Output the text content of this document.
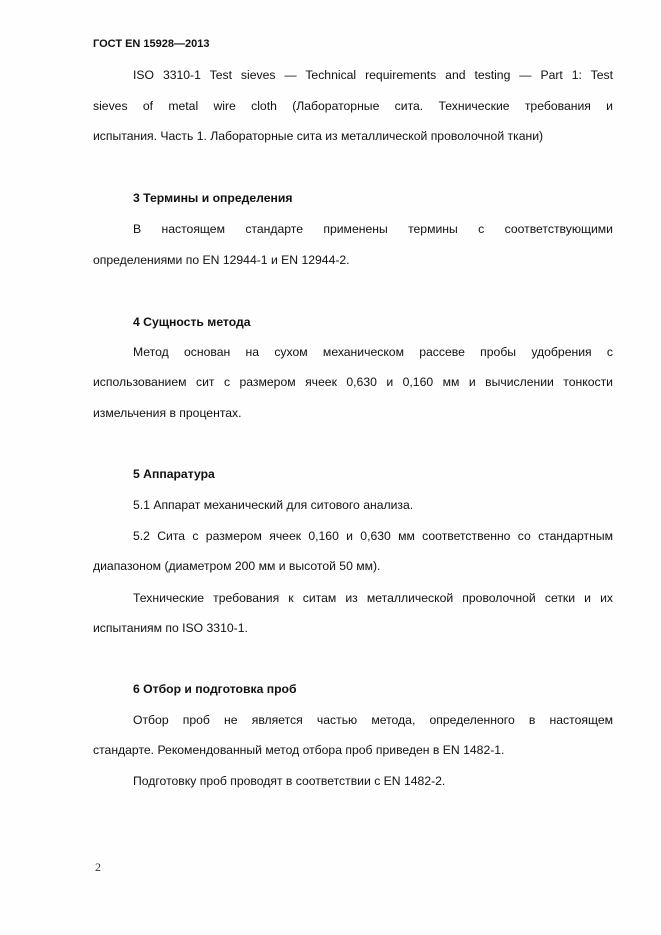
ГОСТ EN 15928—2013
ISO 3310-1 Test sieves — Technical requirements and testing — Part 1: Test
sieves of metal wire cloth (Лабораторные сита. Технические требования и
испытания. Часть 1. Лабораторные сита из металлической проволочной ткани)
3 Термины и определения
В настоящем стандарте применены термины с соответствующими
определениями по EN 12944-1 и EN 12944-2.
4 Сущность метода
Метод основан на сухом механическом рассеве пробы удобрения с
использованием сит с размером ячеек 0,630 и 0,160 мм и вычислении тонкости
измельчения в процентах.
5 Аппаратура
5.1 Аппарат механический для ситового анализа.
5.2 Сита с размером ячеек 0,160 и 0,630 мм соответственно со стандартным
диапазоном (диаметром 200 мм и высотой 50 мм).
Технические требования к ситам из металлической проволочной сетки и их
испытаниям по ISO 3310-1.
6 Отбор и подготовка проб
Отбор проб не является частью метода, определенного в настоящем
стандарте. Рекомендованный метод отбора проб приведен в EN 1482-1.
Подготовку проб проводят в соответствии с EN 1482-2.
2
